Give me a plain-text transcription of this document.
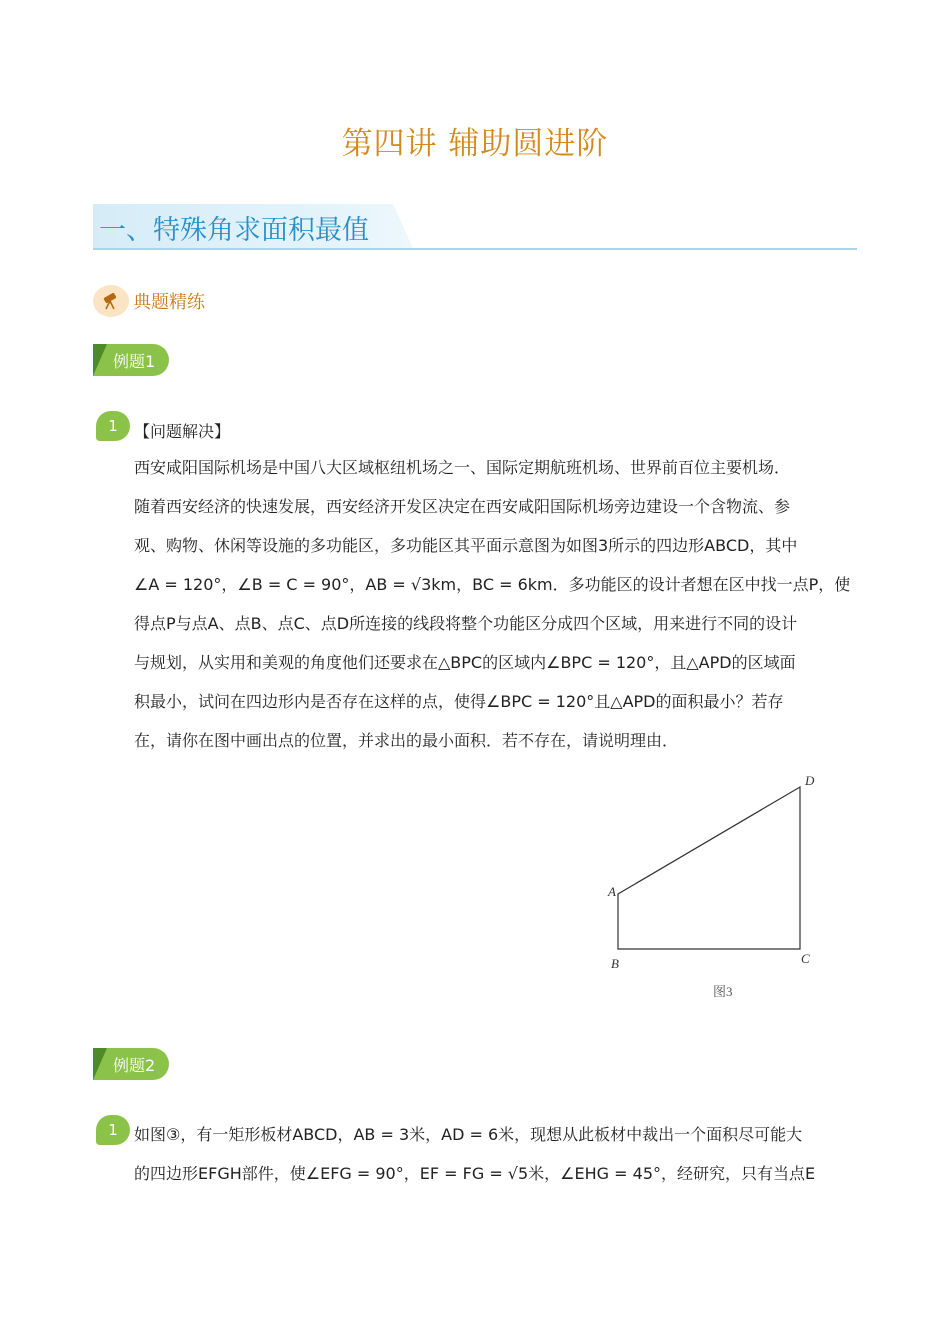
第四讲 辅助圆进阶
一、特殊角求面积最值
典题精练
例题1
1	【问题解决】
西安咸阳国际机场是中国八大区域枢纽机场之一、国际定期航班机场、世界前百位主要机场．
随着西安经济的快速发展，西安经济开发区决定在西安咸阳国际机场旁边建设一个含物流、参
观、购物、休闲等设施的多功能区，多功能区其平面示意图为如图3所示的四边形ABCD，其中
∠A = 120°，∠B = C = 90°，AB = √3km，BC = 6km．多功能区的设计者想在区中找一点P，使
得点P与点A、点B、点C、点D所连接的线段将整个功能区分成四个区域，用来进行不同的设计
与规划，从实用和美观的角度他们还要求在△BPC的区域内∠BPC = 120°，且△APD的区域面
积最小，试问在四边形内是否存在这样的点，使得∠BPC = 120°且△APD的面积最小？若存
在，请你在图中画出点的位置，并求出的最小面积．若不存在，请说明理由．
A
B	C
D
图3
例题2
1	如图③，有一矩形板材ABCD，AB = 3米，AD = 6米，现想从此板材中裁出一个面积尽可能大
的四边形EFGH部件，使∠EFG = 90°，EF = FG = √5米，∠EHG = 45°，经研究，只有当点E
